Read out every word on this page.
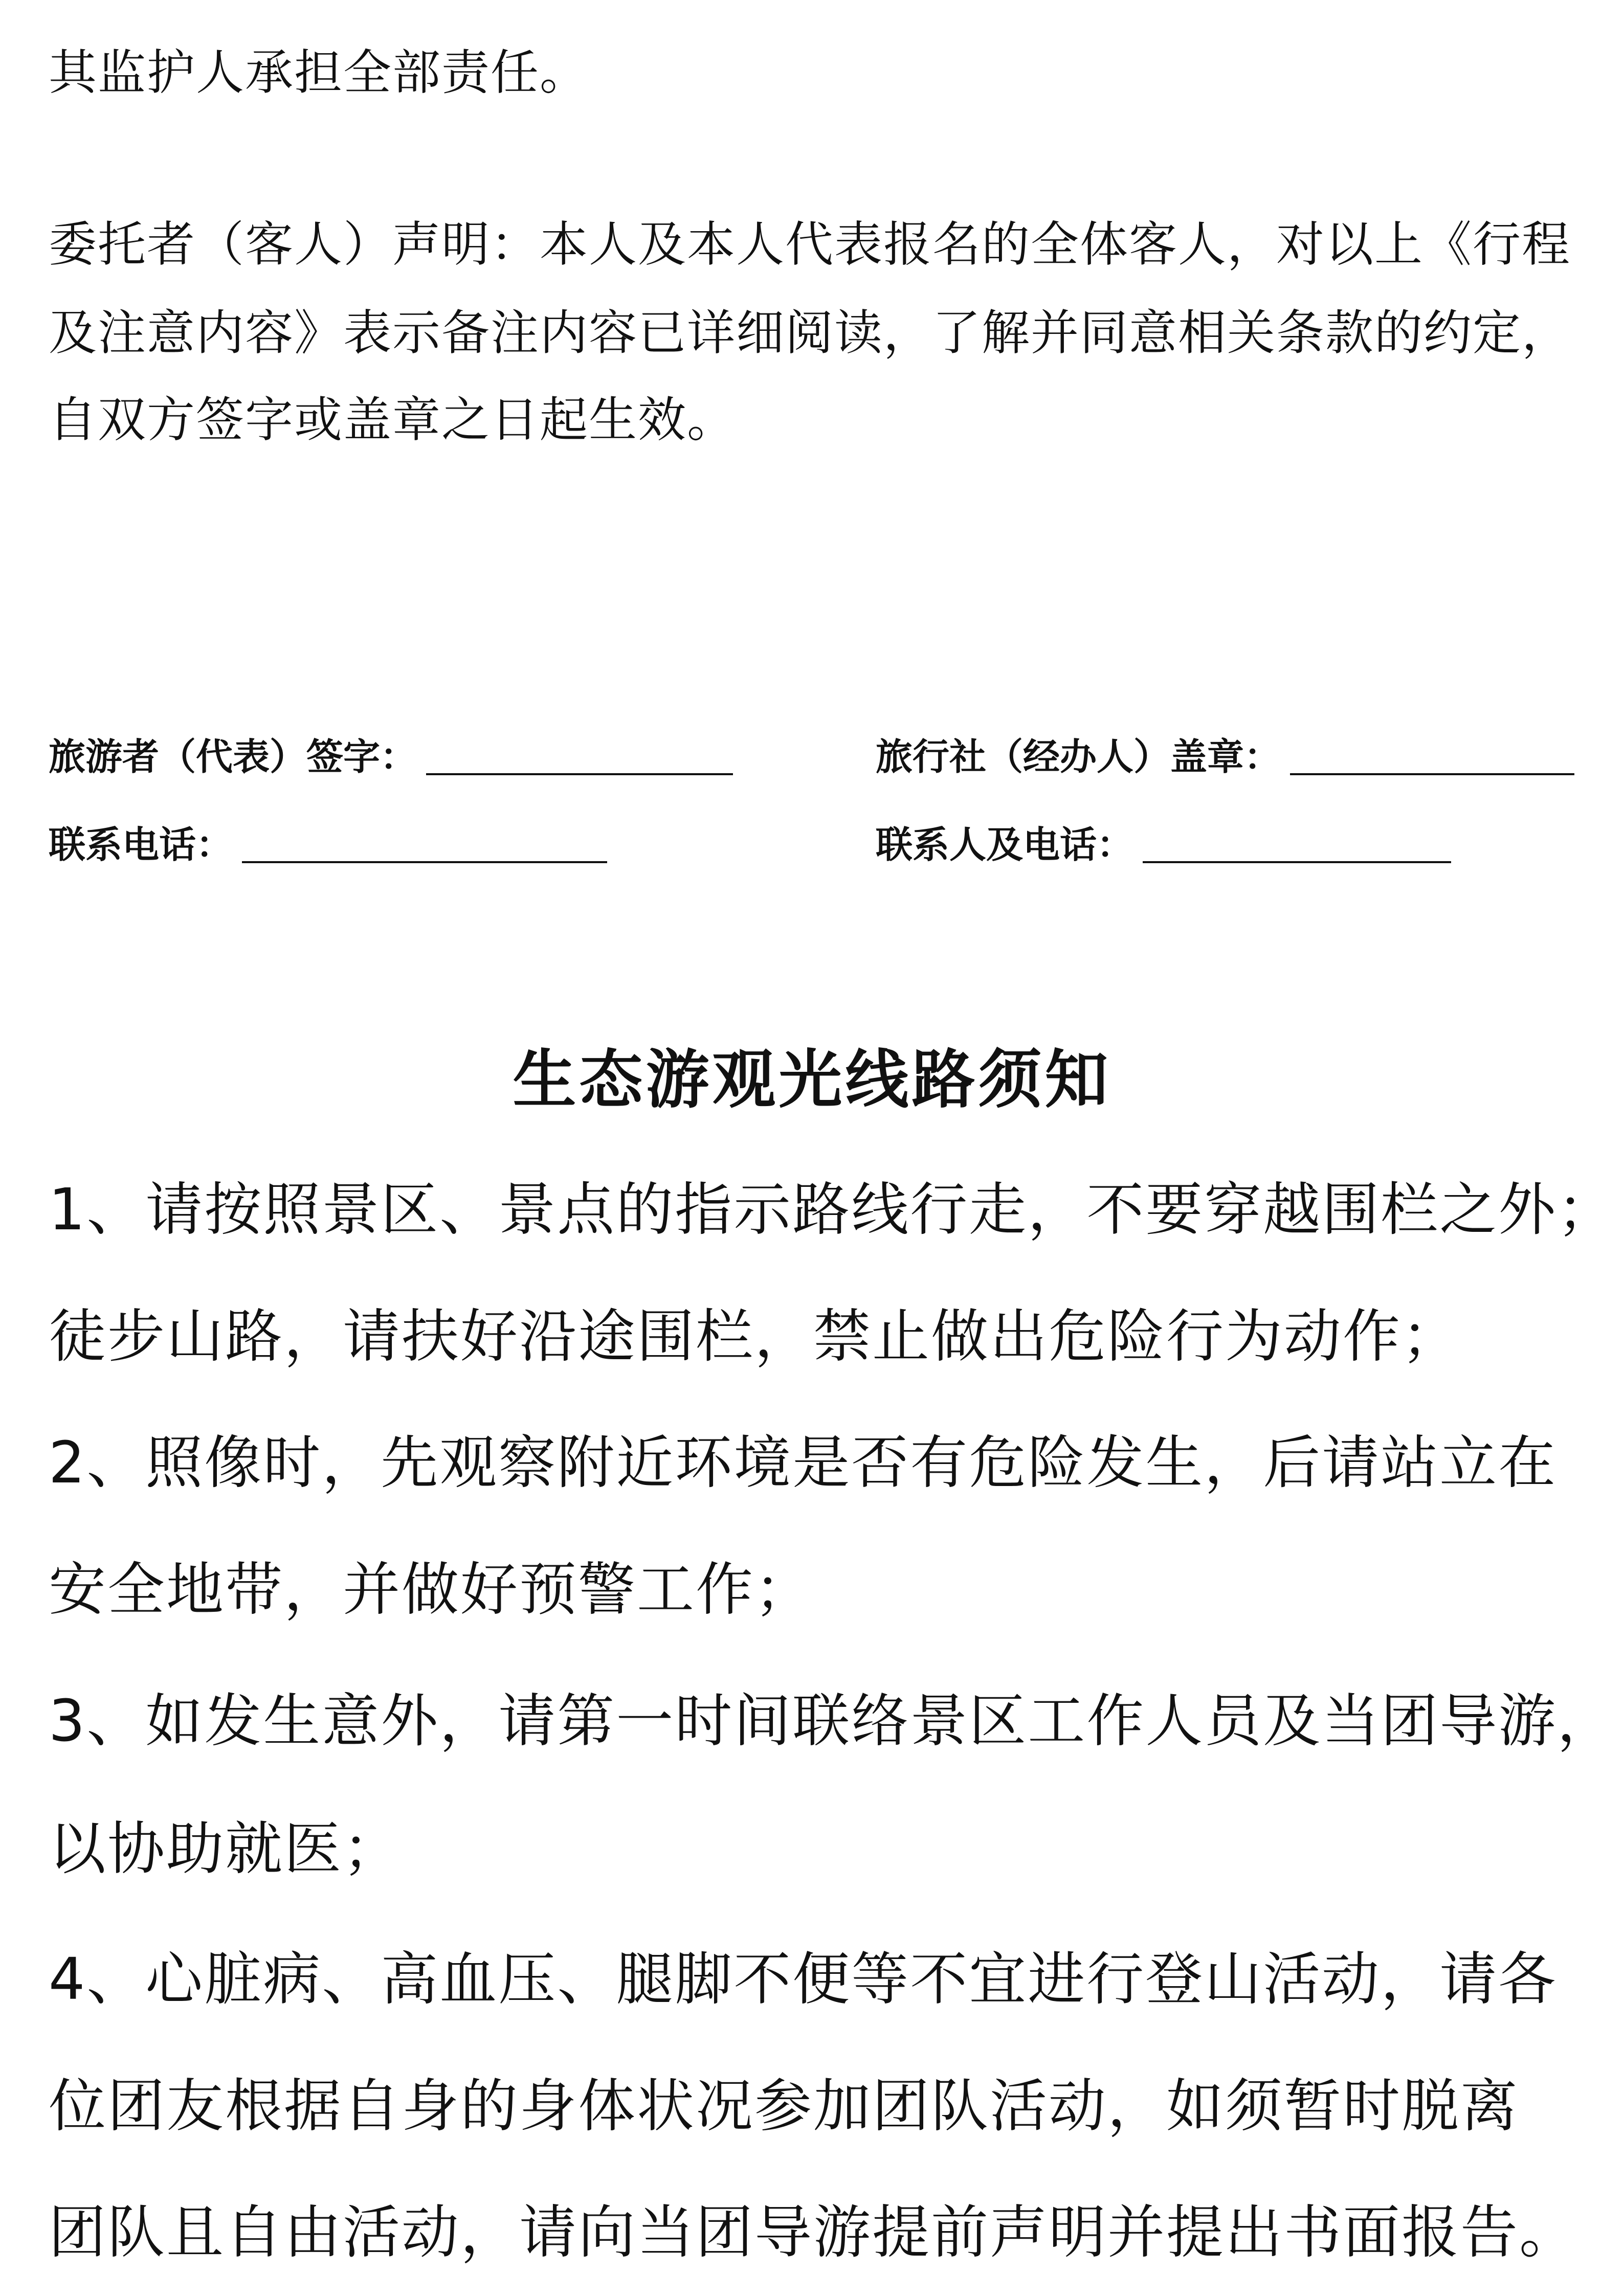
其监护人承担全部责任。
委托者（客人）声明：本人及本人代表报名的全体客人，对以上《行程
及注意内容》表示备注内容已详细阅读，了解并同意相关条款的约定，
自双方签字或盖章之日起生效。
旅游者（代表）签字：	旅行社（经办人）盖章：
联系电话：	联系人及电话：
生态游观光线路须知
1、请按照景区、景点的指示路线行走，不要穿越围栏之外；
徒步山路，请扶好沿途围栏，禁止做出危险行为动作；
2、照像时，先观察附近环境是否有危险发生，后请站立在
安全地带，并做好预警工作；
3、如发生意外，请第一时间联络景区工作人员及当团导游，
以协助就医；
4、心脏病、高血压、腿脚不便等不宜进行登山活动，请各
位团友根据自身的身体状况参加团队活动，如须暂时脱离
团队且自由活动，请向当团导游提前声明并提出书面报告。
